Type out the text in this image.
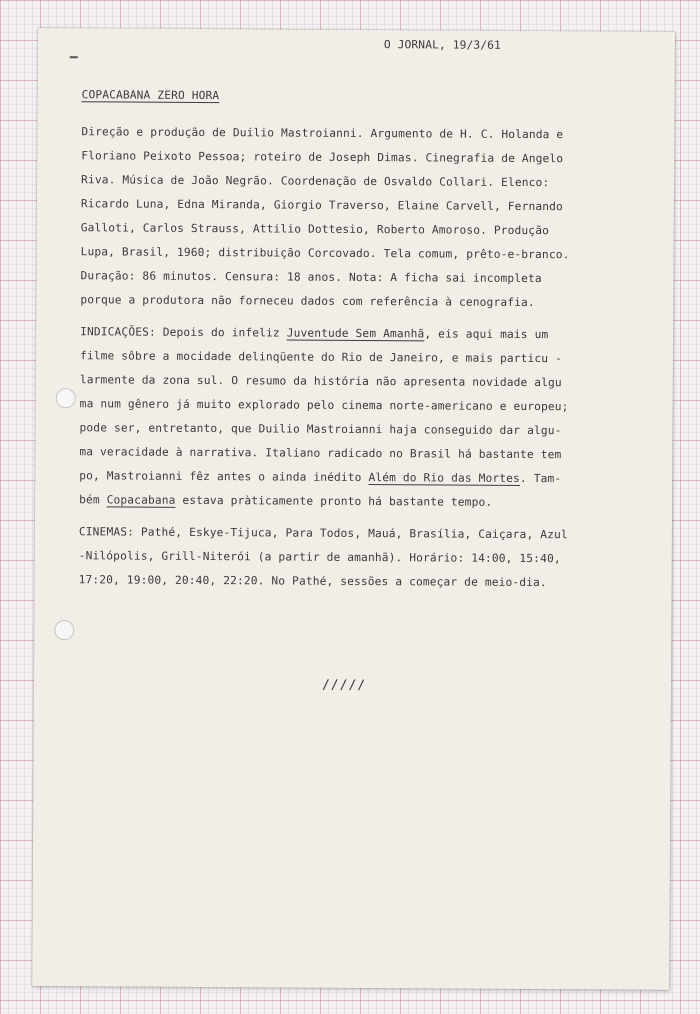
O JORNAL, 19/3/61
COPACABANA ZERO HORA
Direção e produção de Duilio Mastroianni. Argumento de H. C. Holanda e
Floriano Peixoto Pessoa; roteiro de Joseph Dimas. Cinegrafia de Angelo
Riva. Música de João Negrão. Coordenação de Osvaldo Collari. Elenco:
Ricardo Luna, Edna Miranda, Giorgio Traverso, Elaine Carvell, Fernando
Galloti, Carlos Strauss, Attilio Dottesio, Roberto Amoroso. Produção
Lupa, Brasil, 1960; distribuição Corcovado. Tela comum, prêto-e-branco.
Duração: 86 minutos. Censura: 18 anos. Nota: A ficha sai incompleta
porque a produtora não forneceu dados com referência à cenografia.
INDICAÇÕES: Depois do infeliz Juventude Sem Amanhã, eis aqui mais um
filme sôbre a mocidade delinqüente do Rio de Janeiro, e mais particu -
larmente da zona sul. O resumo da história não apresenta novidade algu
ma num gênero já muito explorado pelo cinema norte-americano e europeu;
pode ser, entretanto, que Duilio Mastroianni haja conseguido dar algu-
ma veracidade à narrativa. Italiano radicado no Brasil há bastante tem
po, Mastroianni fêz antes o ainda inédito Além do Rio das Mortes. Tam-
bém Copacabana estava pràticamente pronto há bastante tempo.
CINEMAS: Pathé, Eskye-Tijuca, Para Todos, Mauá, Brasília, Caiçara, Azul
-Nilópolis, Grill-Niterói (a partir de amanhã). Horário: 14:00, 15:40,
17:20, 19:00, 20:40, 22:20. No Pathé, sessões a começar de meio-dia.
/////
